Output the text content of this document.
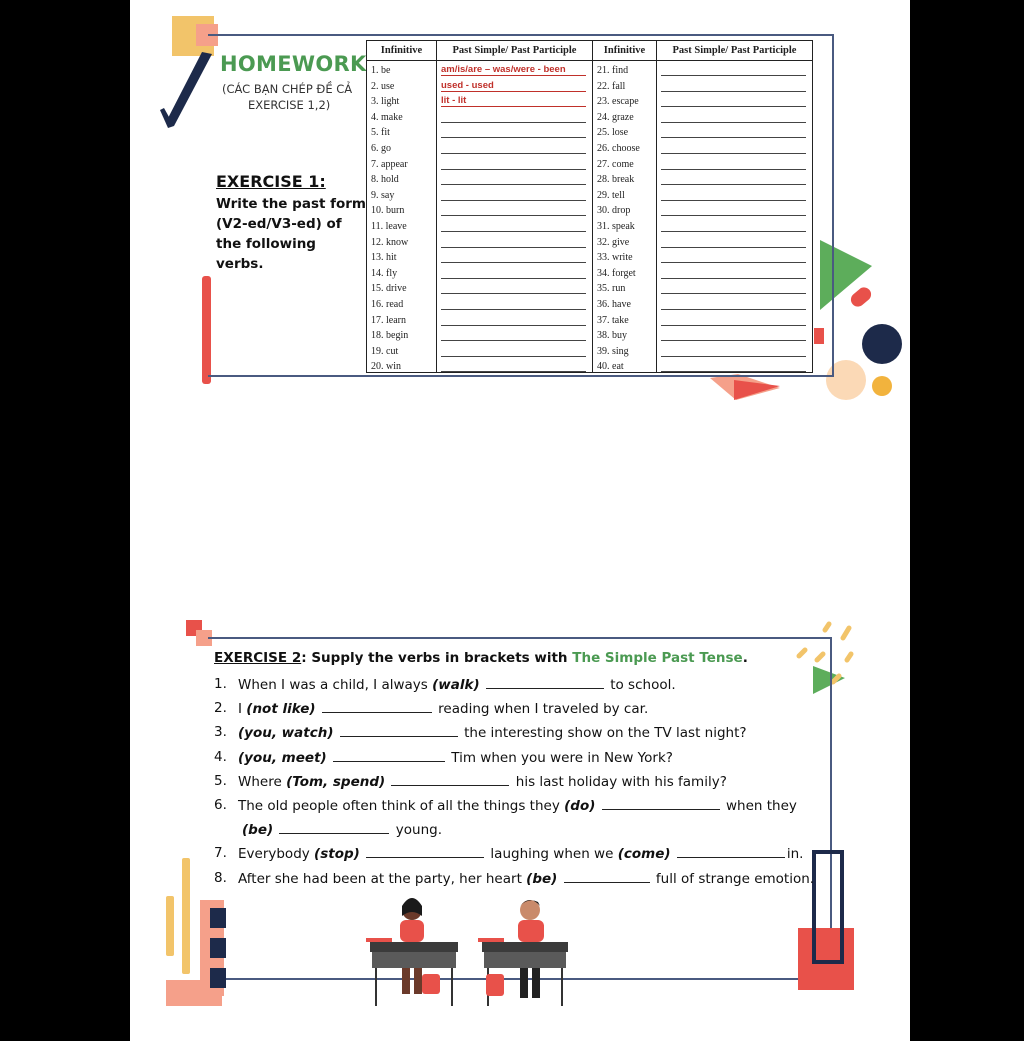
HOMEWORK
(CÁC BẠN CHÉP ĐỀ CẢ
EXERCISE 1,2)
EXERCISE 1:
Write the past form (V2-ed/V3-ed) of the following verbs.
Infinitive	Past Simple/ Past Participle	Infinitive	Past Simple/ Past Participle
1. be	am/is/are – was/were - been	21. find	

2. use	used - used	22. fall	

3. light	lit - lit	23. escape	

4. make		24. graze	

5. fit		25. lose	

6. go		26. choose	

7. appear		27. come	

8. hold		28. break	

9. say		29. tell	

10. burn		30. drop	

11. leave		31. speak	

12. know		32. give	

13. hit		33. write	

14. fly		34. forget	

15. drive		35. run	

16. read		36. have	

17. learn		37. take	

18. begin		38. buy	

19. cut		39. sing	

20. win		40. eat	
EXERCISE 2: Supply the verbs in brackets with The Simple Past Tense.
1. When I was a child, I always (walk)	to school.
2. I (not like)	reading when I traveled by car.
3. (you, watch)	the interesting show on the TV last night?
4. (you, meet)	Tim when you were in New York?
5. Where (Tom, spend)	his last holiday with his family?
6. The old people often think of all the things they (do)	when they
(be)	young.
7. Everybody (stop)	laughing when we (come)	in.
8. After she had been at the party, her heart (be)	full of strange emotion.
